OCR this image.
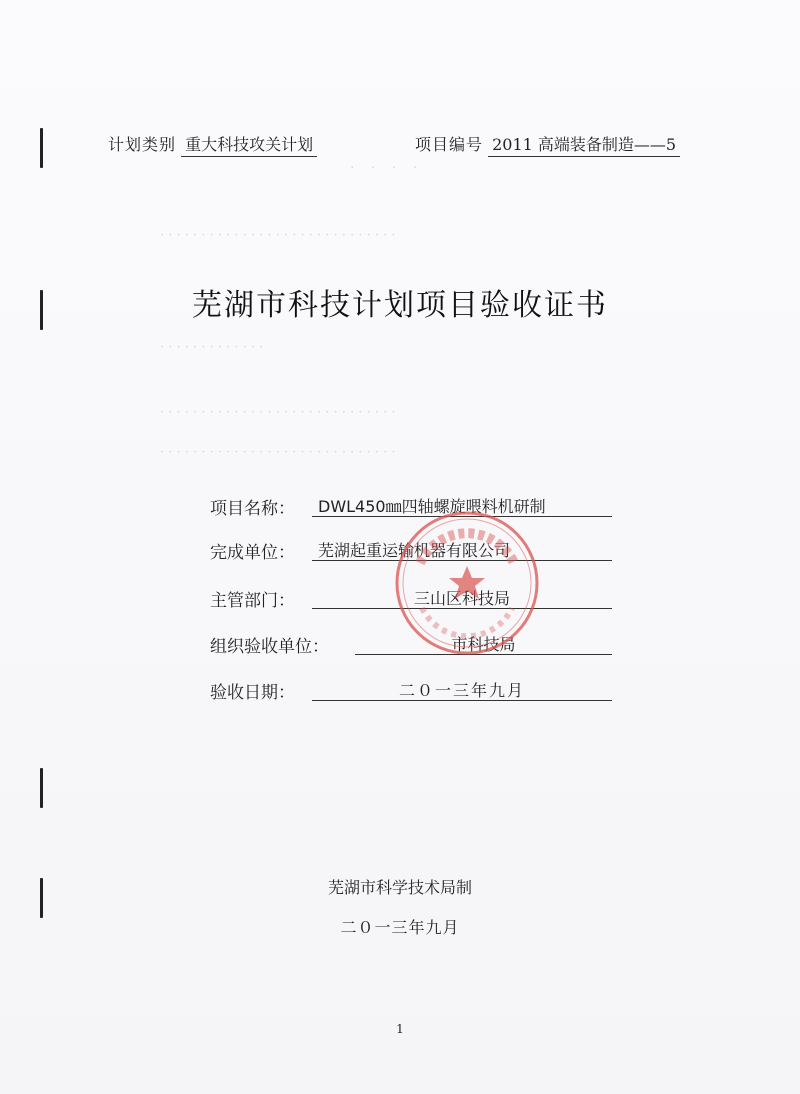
· · · ·
· · · · · · · · · · · · · · · · · · · · · · · · · · · · ·
· · · · · · · · · · · · ·
· · · · · · · · · · · · · · · · · · · · · · · · · · · · ·
· · · · · · · · · · · · · · · · · · · · · · · · · · · · ·
计划类别 重大科技攻关计划	项目编号 2011 高端装备制造——5
芜湖市科技计划项目验收证书
项目名称：	DWL450㎜四轴螺旋喂料机研制
完成单位：	芜湖起重运输机器有限公司
主管部门：	三山区科技局
组织验收单位：	市科技局
验收日期：	二０一三年九月
芜湖市科学技术局制
二０一三年九月
1
